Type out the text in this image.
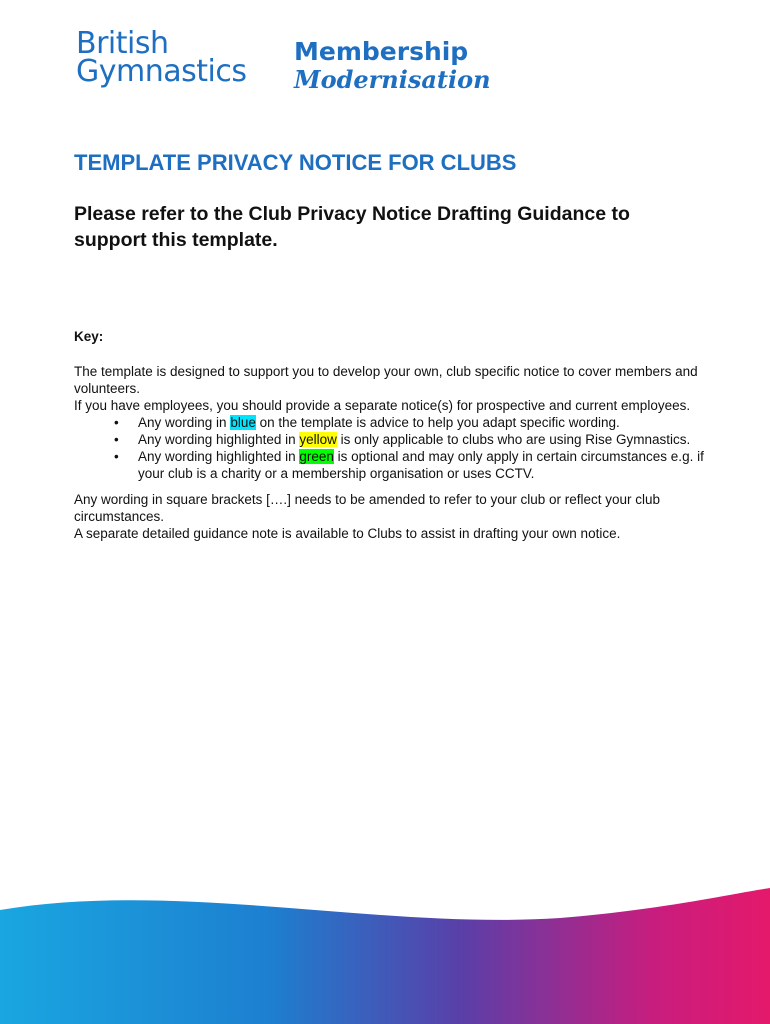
British
Gymnastics
Membership
Modernisation
TEMPLATE PRIVACY NOTICE FOR CLUBS
Please refer to the Club Privacy Notice Drafting Guidance to support this template.
Key:

The template is designed to support you to develop your own, club specific notice to cover members and volunteers.

If you have employees, you should provide a separate notice(s) for prospective and current employees.

• Any wording in blue on the template is advice to help you adapt specific wording.
• Any wording highlighted in yellow is only applicable to clubs who are using Rise Gymnastics.
• Any wording highlighted in green is optional and may only apply in certain circumstances e.g. if your club is a charity or a membership organisation or uses CCTV.

Any wording in square brackets [….] needs to be amended to refer to your club or reflect your club circumstances.

A separate detailed guidance note is available to Clubs to assist in drafting your own notice.
